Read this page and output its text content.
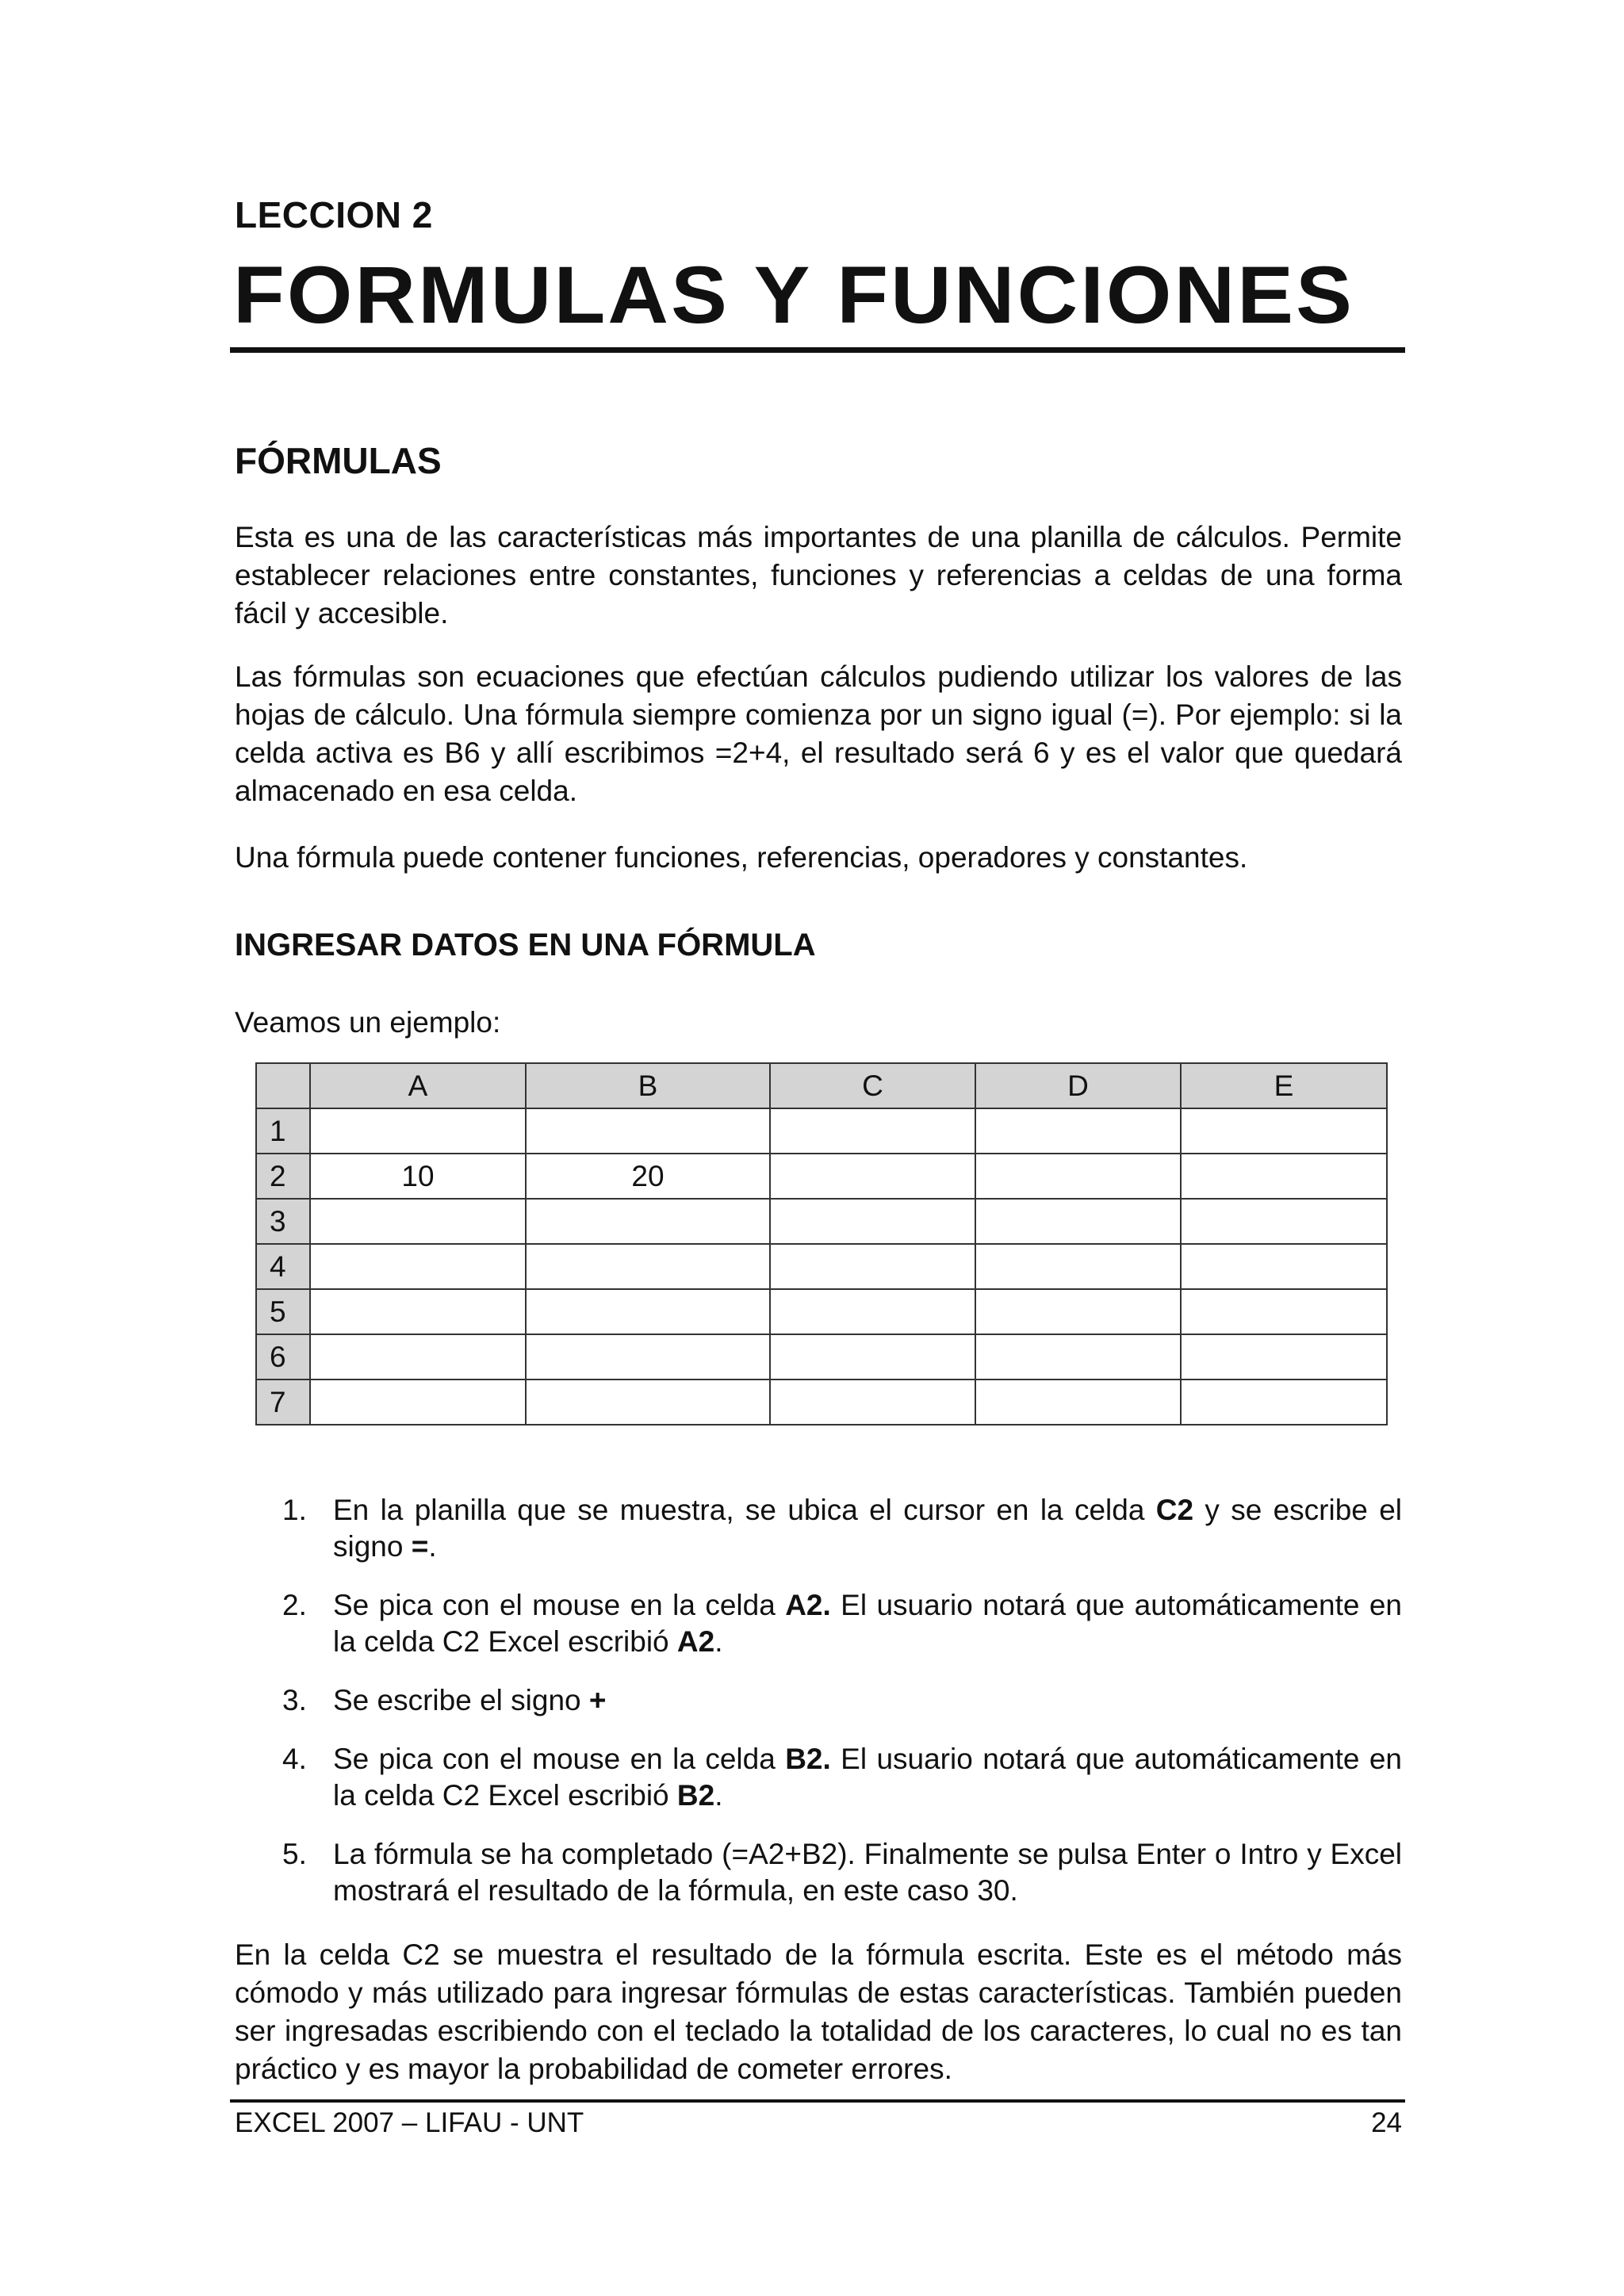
LECCION 2
FORMULAS Y FUNCIONES
FÓRMULAS

Esta es una de las características más importantes de una planilla de cálculos. Permite establecer relaciones entre constantes, funciones y referencias a celdas de una forma fácil y accesible.

Las fórmulas son ecuaciones que efectúan cálculos pudiendo utilizar los valores de las hojas de cálculo. Una fórmula siempre comienza por un signo igual (=). Por ejemplo: si la celda activa es B6 y allí escribimos =2+4, el resultado será 6 y es el valor que quedará almacenado en esa celda.

Una fórmula puede contener funciones, referencias, operadores y constantes.

INGRESAR DATOS EN UNA FÓRMULA

Veamos un ejemplo:

	A	B	C	D	E
1					
2	10	20			
3					
4					
5					
6					
7					
1. En la planilla que se muestra, se ubica el cursor en la celda C2 y se escribe el signo =.
2. Se pica con el mouse en la celda A2. El usuario notará que automáticamente en la celda C2 Excel escribió A2.
3. Se escribe el signo +
4. Se pica con el mouse en la celda B2. El usuario notará que automáticamente en la celda C2 Excel escribió B2.
5. La fórmula se ha completado (=A2+B2). Finalmente se pulsa Enter o Intro y Excel mostrará el resultado de la fórmula, en este caso 30.

En la celda C2 se muestra el resultado de la fórmula escrita. Este es el método más cómodo y más utilizado para ingresar fórmulas de estas características. También pueden ser ingresadas escribiendo con el teclado la totalidad de los caracteres, lo cual no es tan práctico y es mayor la probabilidad de cometer errores.

EXCEL 2007 – LIFAU - UNT	24
